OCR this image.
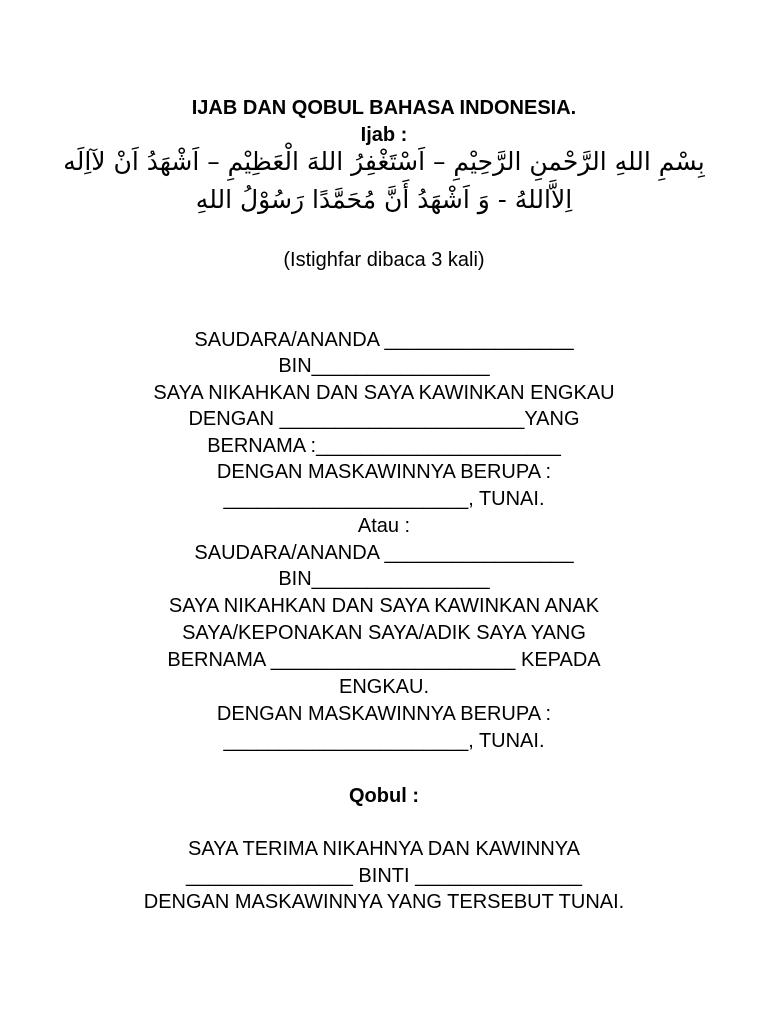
IJAB DAN QOBUL BAHASA INDONESIA.
Ijab :
بِسْمِ اللهِ الرَّحْمنِ الرَّحِيْمِ – اَسْتَغْفِرُ اللهَ الْعَظِيْمِ – اَشْهَدُ اَنْ لآاِلَه
اِلاَّاللهُ - وَ اَشْهَدُ أَنَّ مُحَمَّدًا رَسُوْلُ اللهِ
(Istighfar dibaca 3 kali)
SAUDARA/ANANDA _________________
BIN________________
SAYA NIKAHKAN DAN SAYA KAWINKAN ENGKAU
DENGAN ______________________YANG
BERNAMA :______________________
DENGAN MASKAWINNYA BERUPA :
______________________, TUNAI.
Atau :
SAUDARA/ANANDA _________________
BIN________________
SAYA NIKAHKAN DAN SAYA KAWINKAN ANAK
SAYA/KEPONAKAN SAYA/ADIK SAYA YANG
BERNAMA ______________________ KEPADA
ENGKAU.
DENGAN MASKAWINNYA BERUPA :
______________________, TUNAI.
Qobul :
SAYA TERIMA NIKAHNYA DAN KAWINNYA
_______________ BINTI _______________
DENGAN MASKAWINNYA YANG TERSEBUT TUNAI.
